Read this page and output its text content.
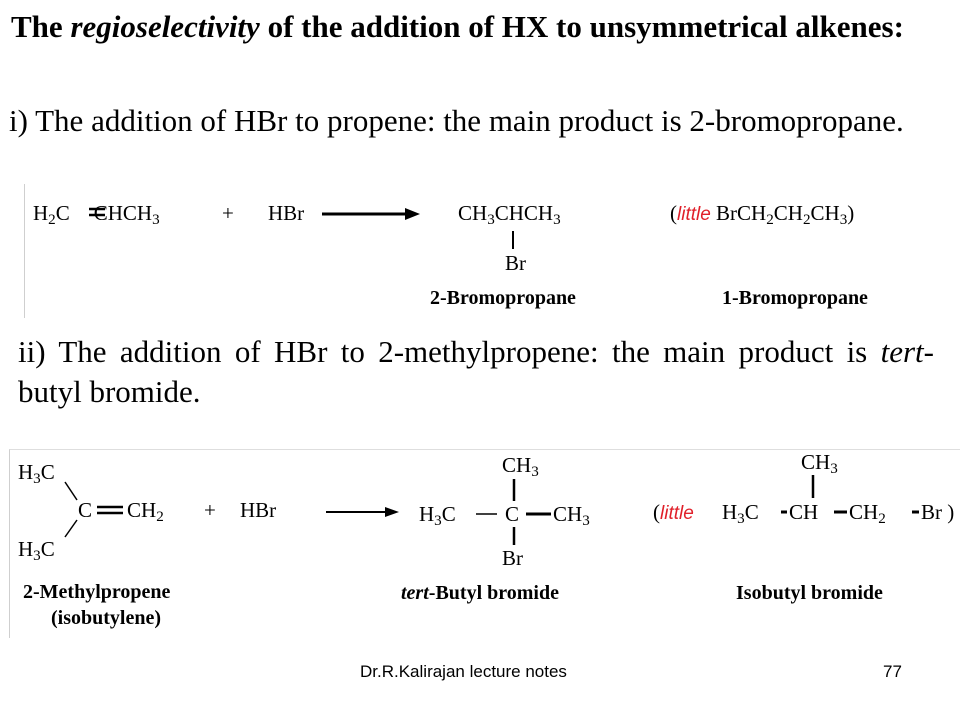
The regioselectivity of the addition of HX to unsymmetrical alkenes:
i) The addition of HBr to propene: the main product is 2-bromopropane.
$H_2C$ $CHCH_3$	+ HBr	$CH_3CHCH_3$
Br
(little $BrCH_2CH_2CH_3$)
2-Bromopropane	1-Bromopropane
ii) The addition of HBr to 2-methylpropene: the main product is tert-butyl bromide.
$H_3C$
C $CH_2$
$H_3C$
+ HBr
$CH_3$
$H_3C$ C $CH_3$
Br
(little
$CH_3$
$H_3C$ CH $CH_2$ Br )
2-Methylpropene
(isobutylene)
tert-Butyl bromide	Isobutyl bromide
Dr.R.Kalirajan lecture notes	77
